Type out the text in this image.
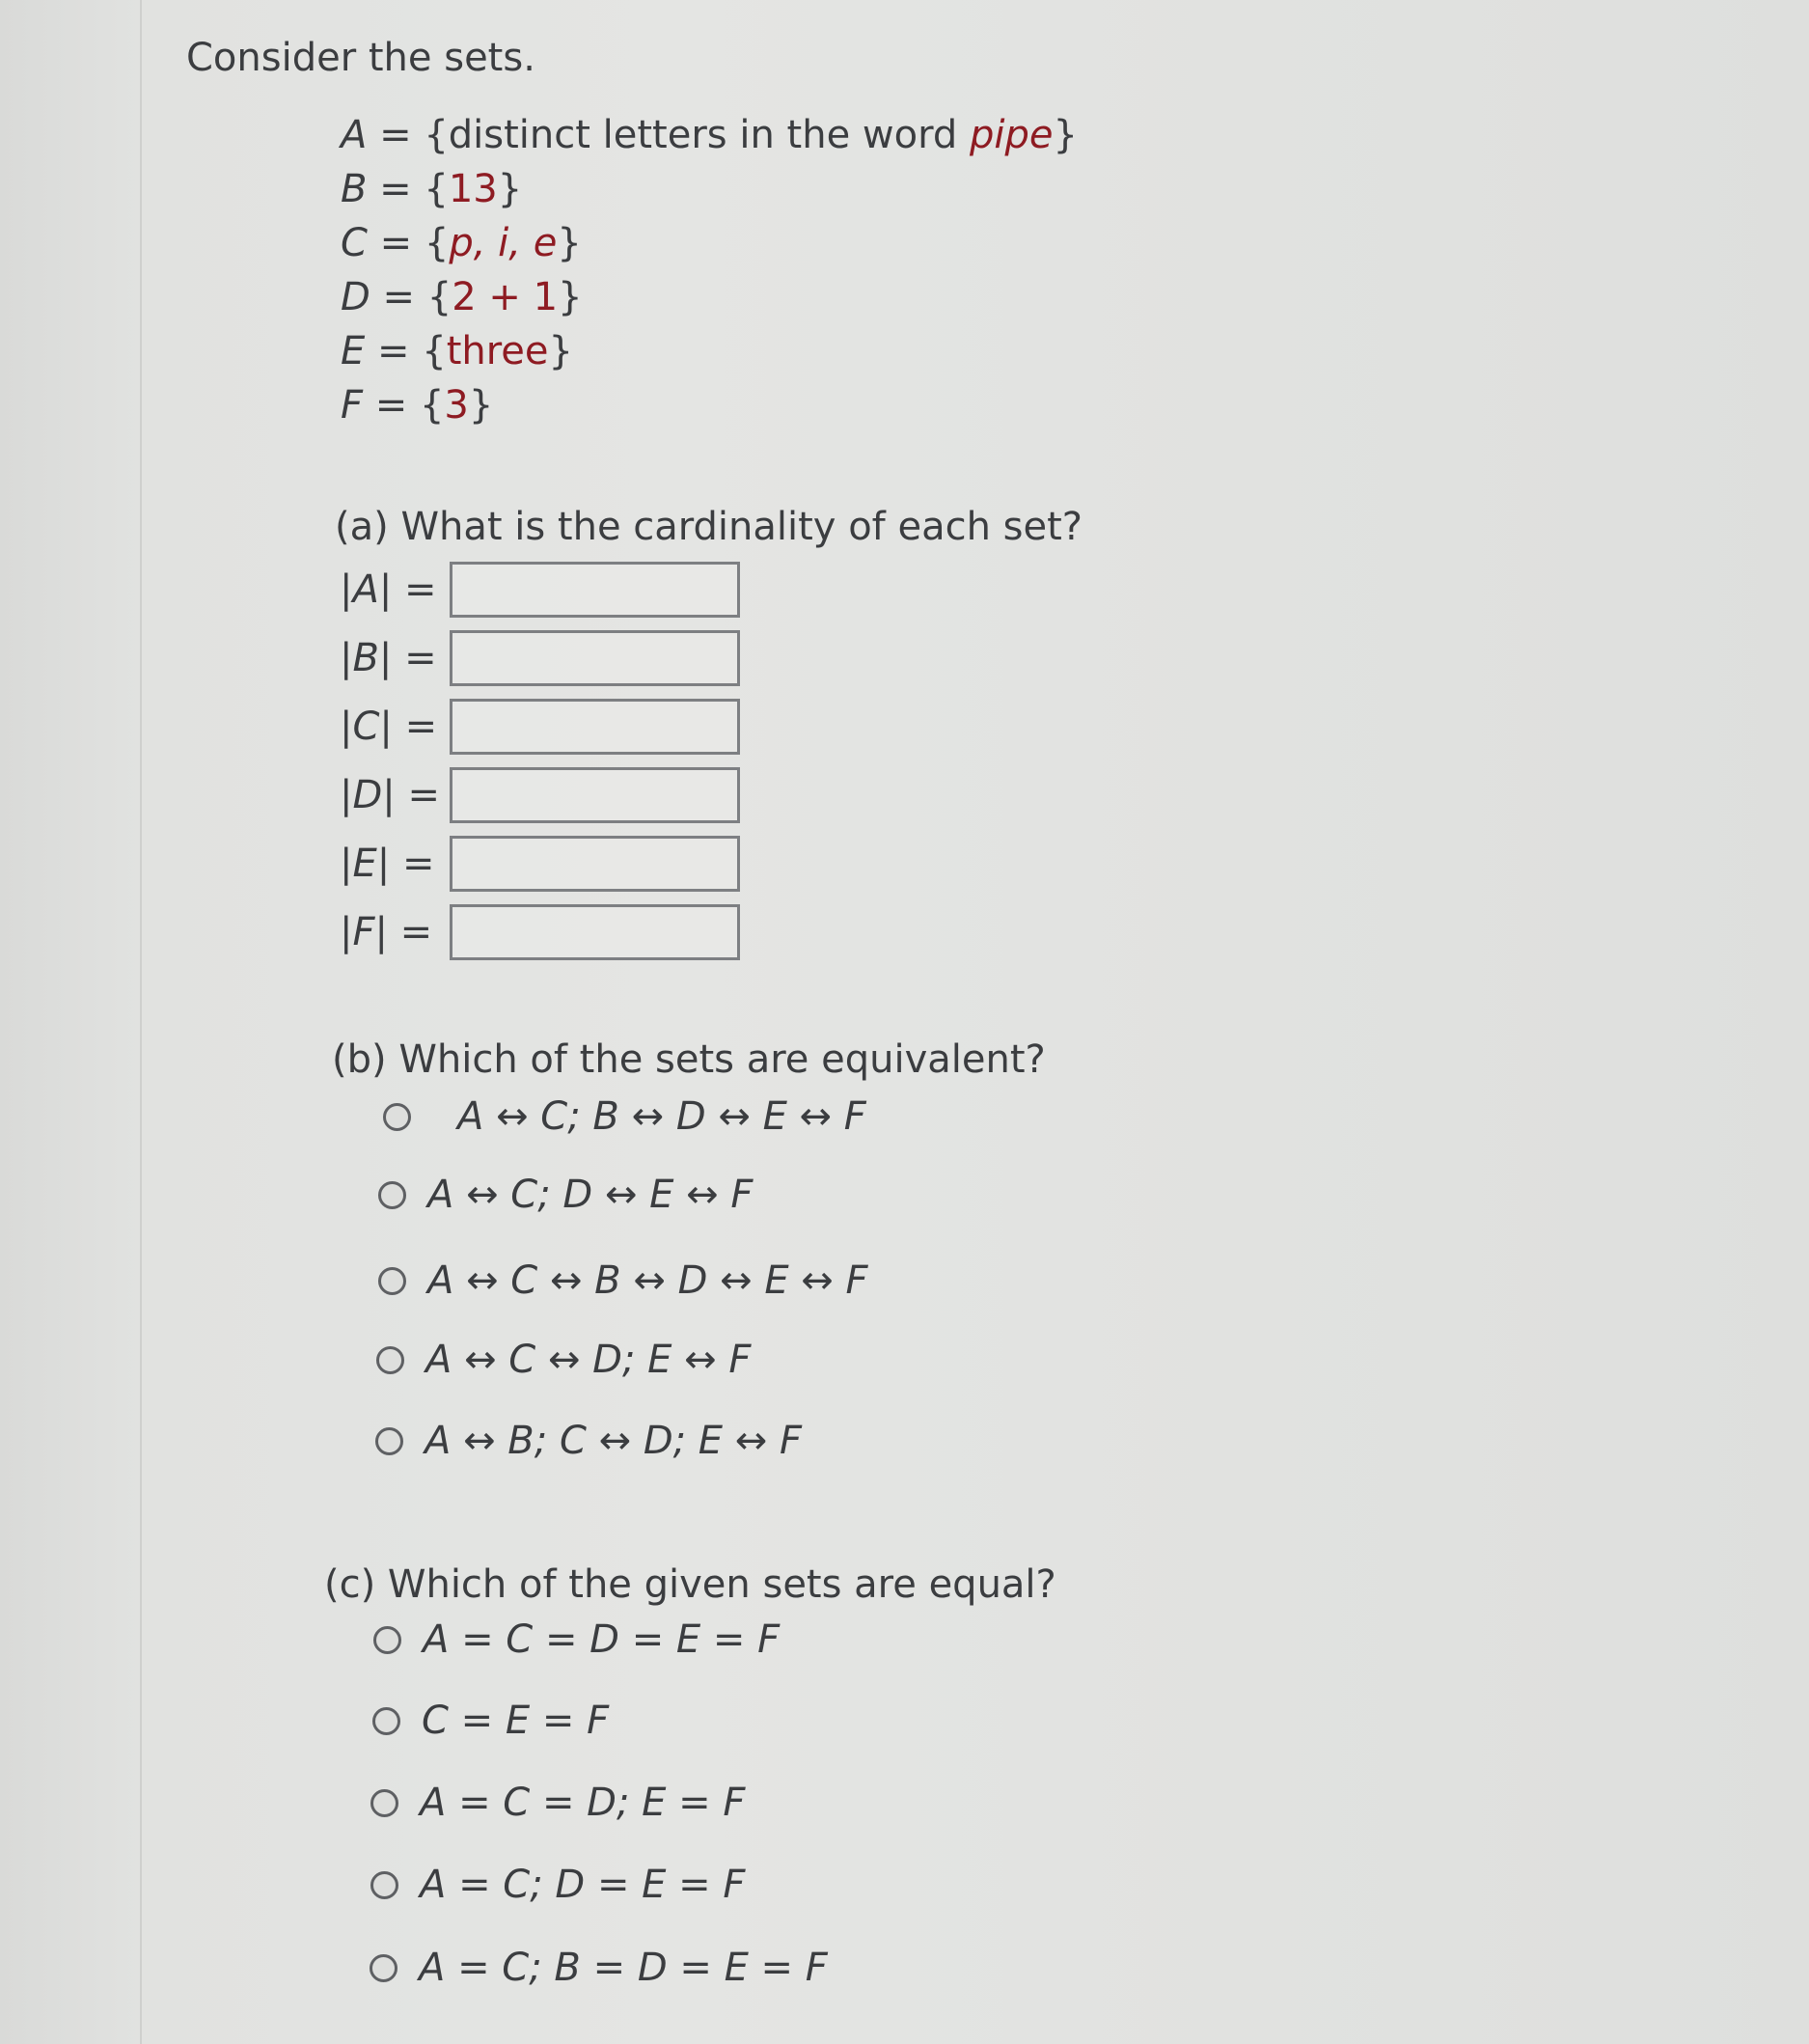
Consider the sets.
A = {distinct letters in the word pipe}
B = {13}
C = {p, i, e}
D = {2 + 1}
E = {three}
F = {3}
(a) What is the cardinality of each set?
|A| =
|B| =
|C| =
|D| =
|E| =
|F| =
(b) Which of the sets are equivalent?
A ↔ C; B ↔ D ↔ E ↔ F
A ↔ C; D ↔ E ↔ F
A ↔ C ↔ B ↔ D ↔ E ↔ F
A ↔ C ↔ D; E ↔ F
A ↔ B; C ↔ D; E ↔ F
(c) Which of the given sets are equal?
A = C = D = E = F
C = E = F
A = C = D; E = F
A = C; D = E = F
A = C; B = D = E = F
